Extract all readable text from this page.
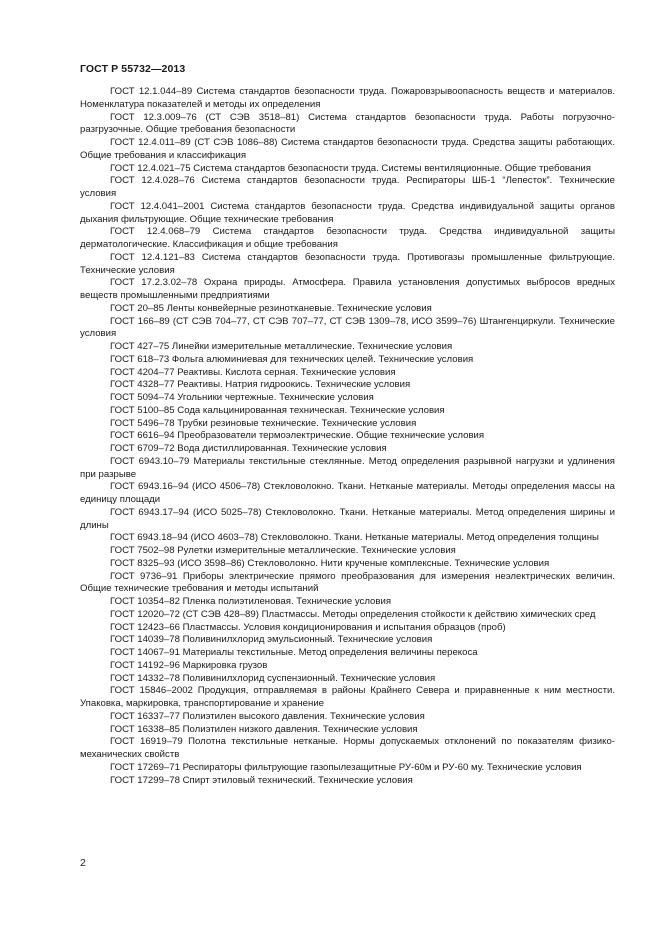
ГОСТ Р 55732—2013

ГОСТ 12.1.044–89 Система стандартов безопасности труда. Пожаровзрывоопасность веществ и материалов. Номенклатура показателей и методы их определения

ГОСТ 12.3.009–76 (СТ СЭВ 3518–81) Система стандартов безопасности труда. Работы погрузочно-разгрузочные. Общие требования безопасности

ГОСТ 12.4.011–89 (СТ СЭВ 1086–88) Система стандартов безопасности труда. Средства защиты работающих. Общие требования и классификация

ГОСТ 12.4.021–75 Система стандартов безопасности труда. Системы вентиляционные. Общие требования

ГОСТ 12.4.028–76 Система стандартов безопасности труда. Респираторы ШБ-1 “Лепесток”. Технические условия

ГОСТ 12.4.041–2001 Система стандартов безопасности труда. Средства индивидуальной защиты органов дыхания фильтрующие. Общие технические требования

ГОСТ 12.4.068–79 Система стандартов безопасности труда. Средства индивидуальной защиты дерматологические. Классификация и общие требования

ГОСТ 12.4.121–83 Система стандартов безопасности труда. Противогазы промышленные фильтрующие. Технические условия

ГОСТ 17.2.3.02–78 Охрана природы. Атмосфера. Правила установления допустимых выбросов вредных веществ промышленными предприятиями

ГОСТ 20–85 Ленты конвейерные резинотканевые. Технические условия

ГОСТ 166–89 (СТ СЭВ 704–77, СТ СЭВ 707–77, СТ СЭВ 1309–78, ИСО 3599–76) Штангенциркули. Технические условия

ГОСТ 427–75 Линейки измерительные металлические. Технические условия

ГОСТ 618–73 Фольга алюминиевая для технических целей. Технические условия

ГОСТ 4204–77 Реактивы. Кислота серная. Технические условия

ГОСТ 4328–77 Реактивы. Натрия гидроокись. Технические условия

ГОСТ 5094–74 Угольники чертежные. Технические условия

ГОСТ 5100–85 Сода кальцинированная техническая. Технические условия

ГОСТ 5496–78 Трубки резиновые технические. Технические условия

ГОСТ 6616–94 Преобразователи термоэлектрические. Общие технические условия

ГОСТ 6709–72 Вода дистиллированная. Технические условия

ГОСТ 6943.10–79 Материалы текстильные стеклянные. Метод определения разрывной нагрузки и удлинения при разрыве

ГОСТ 6943.16–94 (ИСО 4506–78) Стекловолокно. Ткани. Нетканые материалы. Методы определения массы на единицу площади

ГОСТ 6943.17–94 (ИСО 5025–78) Стекловолокно. Ткани. Нетканые материалы. Метод определения ширины и длины

ГОСТ 6943.18–94 (ИСО 4603–78) Стекловолокно. Ткани. Нетканые материалы. Метод определения толщины

ГОСТ 7502–98 Рулетки измерительные металлические. Технические условия

ГОСТ 8325–93 (ИСО 3598–86) Стекловолокно. Нити крученые комплексные. Технические условия

ГОСТ 9736–91 Приборы электрические прямого преобразования для измерения неэлектрических величин. Общие технические требования и методы испытаний

ГОСТ 10354–82 Пленка полиэтиленовая. Технические условия

ГОСТ 12020–72 (СТ СЭВ 428–89) Пластмассы. Методы определения стойкости к действию химических сред

ГОСТ 12423–66 Пластмассы. Условия кондиционирования и испытания образцов (проб)

ГОСТ 14039–78 Поливинилхлорид эмульсионный. Технические условия

ГОСТ 14067–91 Материалы текстильные. Метод определения величины перекоса

ГОСТ 14192–96 Маркировка грузов

ГОСТ 14332–78 Поливинилхлорид суспензионный. Технические условия

ГОСТ 15846–2002 Продукция, отправляемая в районы Крайнего Севера и приравненные к ним местности. Упаковка, маркировка, транспортирование и хранение

ГОСТ 16337–77 Полиэтилен высокого давления. Технические условия

ГОСТ 16338–85 Полиэтилен низкого давления. Технические условия

ГОСТ 16919–79 Полотна текстильные нетканые. Нормы допускаемых отклонений по показателям физико-механических свойств

ГОСТ 17269–71 Респираторы фильтрующие газопылезащитные РУ-60м и РУ-60 му. Технические условия

ГОСТ 17299–78 Спирт этиловый технический. Технические условия

2
